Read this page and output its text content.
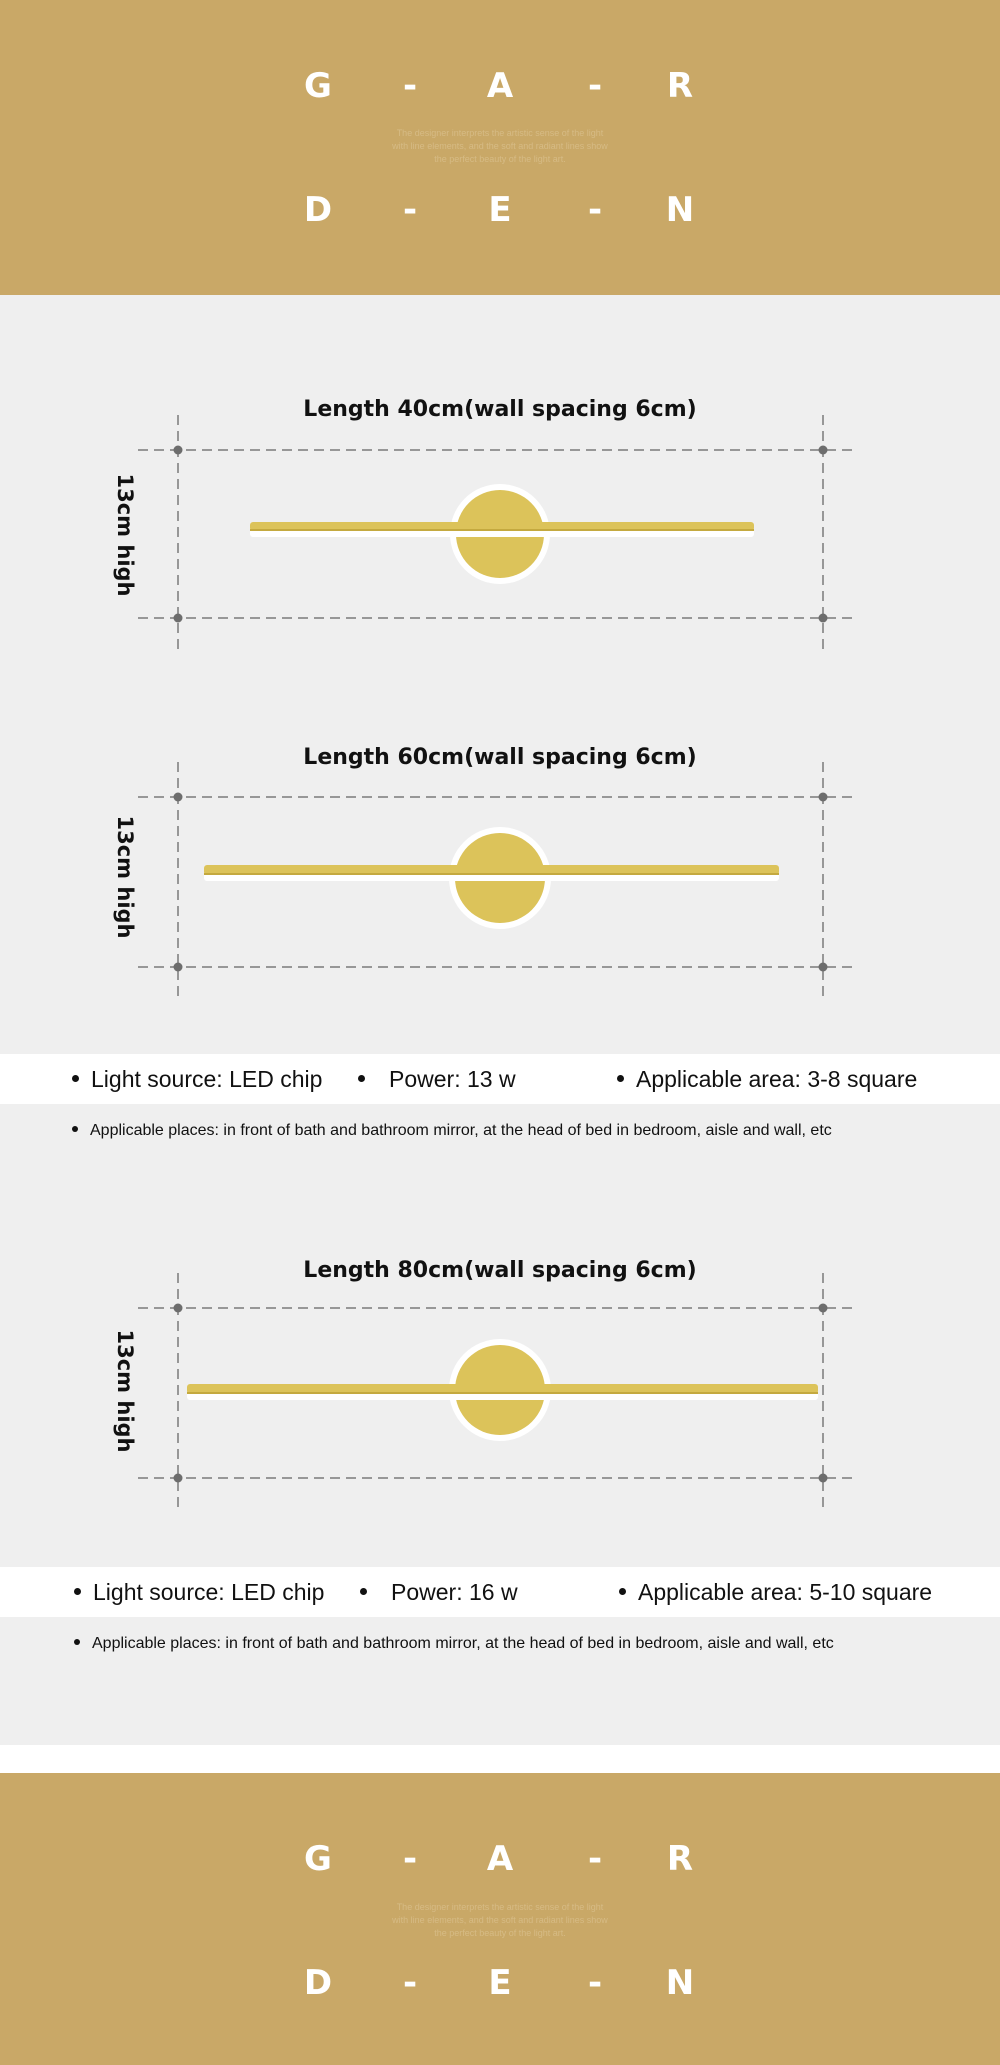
G	-	A	-	R
The designer interprets the artistic sense of the light
with line elements, and the soft and radiant lines show
the perfect beauty of the light art.
D	-	E	-	N
Length 40cm(wall spacing 6cm)
13cm high
Length 60cm(wall spacing 6cm)
13cm high
Light source: LED chip	Power: 13 w	Applicable area: 3-8 square
Applicable places: in front of bath and bathroom mirror, at the head of bed in bedroom, aisle and wall, etc
Length 80cm(wall spacing 6cm)
13cm high
Light source: LED chip	Power: 16 w	Applicable area: 5-10 square
Applicable places: in front of bath and bathroom mirror, at the head of bed in bedroom, aisle and wall, etc
G	-	A	-	R
The designer interprets the artistic sense of the light
with line elements, and the soft and radiant lines show
the perfect beauty of the light art.
D	-	E	-	N
